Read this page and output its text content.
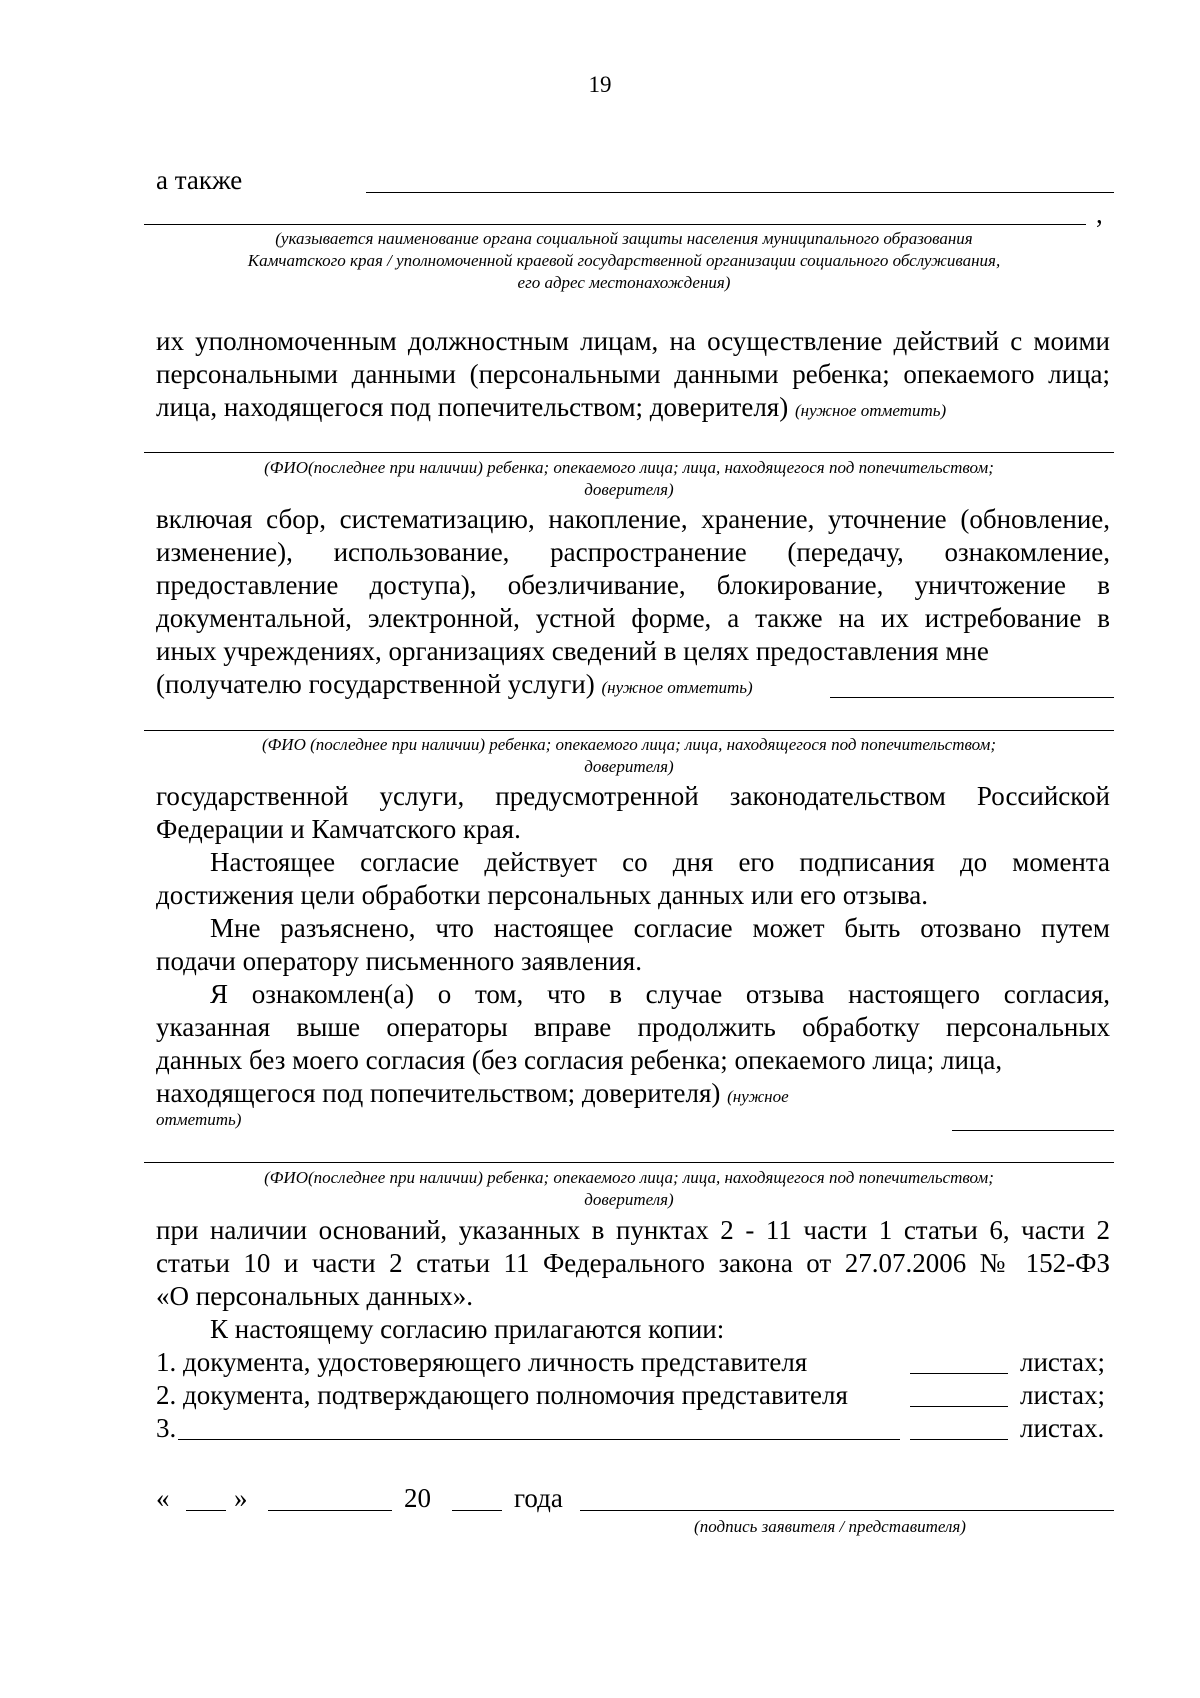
19
а также
,
(указывается наименование органа социальной защиты населения муниципального образования
Камчатского края / уполномоченной краевой государственной организации социального обслуживания,
его адрес местонахождения)
их уполномоченным должностным лицам, на осуществление действий с моими
персональными данными (персональными данными ребенка; опекаемого лица;
лица, находящегося под попечительством; доверителя) (нужное отметить)
(ФИО(последнее при наличии) ребенка; опекаемого лица; лица, находящегося под попечительством;
доверителя)
включая сбор, систематизацию, накопление, хранение, уточнение (обновление,
изменение), использование, распространение (передачу, ознакомление,
предоставление доступа), обезличивание, блокирование, уничтожение в
документальной, электронной, устной форме, а также на их истребование в
иных учреждениях, организациях сведений в целях предоставления мне
(получателю государственной услуги) (нужное отметить)
(ФИО (последнее при наличии) ребенка; опекаемого лица; лица, находящегося под попечительством;
доверителя)
государственной услуги, предусмотренной законодательством Российской
Федерации и Камчатского края.
Настоящее согласие действует со дня его подписания до момента
достижения цели обработки персональных данных или его отзыва.
Мне разъяснено, что настоящее согласие может быть отозвано путем
подачи оператору письменного заявления.
Я ознакомлен(а) о том, что в случае отзыва настоящего согласия,
указанная выше операторы вправе продолжить обработку персональных
данных без моего согласия (без согласия ребенка; опекаемого лица; лица,
находящегося под попечительством; доверителя) (нужное
отметить)
(ФИО(последнее при наличии) ребенка; опекаемого лица; лица, находящегося под попечительством;
доверителя)
при наличии оснований, указанных в пунктах 2 - 11 части 1 статьи 6, части 2
статьи 10 и части 2 статьи 11 Федерального закона от 27.07.2006 № 152-ФЗ
«О персональных данных».
К настоящему согласию прилагаются копии:
1. документа, удостоверяющего личность представителя	листах;
2. документа, подтверждающего полномочия представителя	листах;
3.	листах.
« »	20	года
(подпись заявителя / представителя)
